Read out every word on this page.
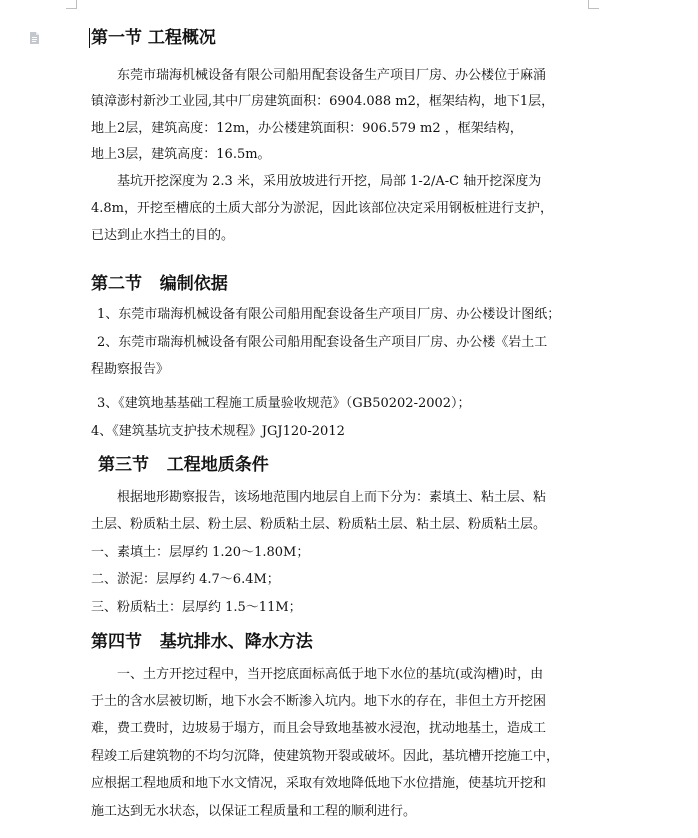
第一节 工程概况
东莞市瑞海机械设备有限公司船用配套设备生产项目厂房、办公楼位于麻涌
镇漳澎村新沙工业园,其中厂房建筑面积：6904.088 m2，框架结构，地下1层，
地上2层，建筑高度：12m，办公楼建筑面积：906.579 m2 ，框架结构，
地上3层，建筑高度：16.5m。
基坑开挖深度为 2.3 米，采用放坡进行开挖，局部 1-2/A-C 轴开挖深度为
4.8m，开挖至槽底的土质大部分为淤泥，因此该部位决定采用钢板桩进行支护，
已达到止水挡土的目的。
第二节   编制依据
1、东莞市瑞海机械设备有限公司船用配套设备生产项目厂房、办公楼设计图纸；
2、东莞市瑞海机械设备有限公司船用配套设备生产项目厂房、办公楼《岩土工
程勘察报告》
3、《建筑地基基础工程施工质量验收规范》（GB50202-2002）；
4、《建筑基坑支护技术规程》JGJ120-2012
第三节   工程地质条件
根据地形勘察报告，该场地范围内地层自上而下分为：素填土、粘土层、粘
土层、粉质粘土层、粉土层、粉质粘土层、粉质粘土层、粘土层、粉质粘土层。
一、素填土：层厚约 1.20～1.80M；
二、淤泥：层厚约 4.7～6.4M；
三、粉质粘土：层厚约 1.5～11M；
第四节   基坑排水、降水方法
一、土方开挖过程中，当开挖底面标高低于地下水位的基坑(或沟槽)时，由
于土的含水层被切断，地下水会不断渗入坑内。地下水的存在，非但土方开挖困
难，费工费时，边坡易于塌方，而且会导致地基被水浸泡，扰动地基土，造成工
程竣工后建筑物的不均匀沉降，使建筑物开裂或破坏。因此，基坑槽开挖施工中，
应根据工程地质和地下水文情况，采取有效地降低地下水位措施，使基坑开挖和
施工达到无水状态，以保证工程质量和工程的顺利进行。
